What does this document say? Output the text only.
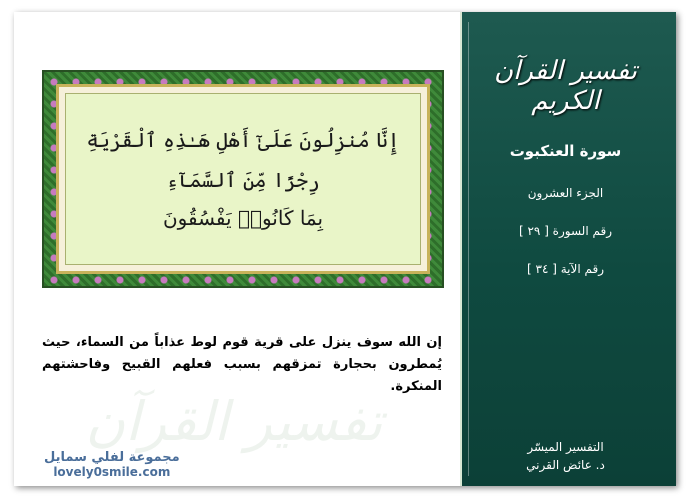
تفسير القرآن
إِنَّا مُنزِلُونَ عَلَىٰٓ أَهْلِ هَـٰذِهِ ٱلْقَرْيَةِ
رِجْزًا مِّنَ ٱلسَّمَآءِ
بِمَا كَانُوا۟ يَفْسُقُونَ
إن الله سوف ينزل على قرية قوم لوط عذاباً من السماء، حيث يُمطرون بحجارة تمزقهم بسبب فعلهم القبيح وفاحشتهم المنكرة.
مجموعة لفلي سمايل
lovely0smile.com
تفسير القرآن الكريم
سورة العنكبوت
الجزء العشرون
رقم السورة [ ٢٩ ]
رقم الآية [ ٣٤ ]
التفسير الميسّر
د. عائض القرني
